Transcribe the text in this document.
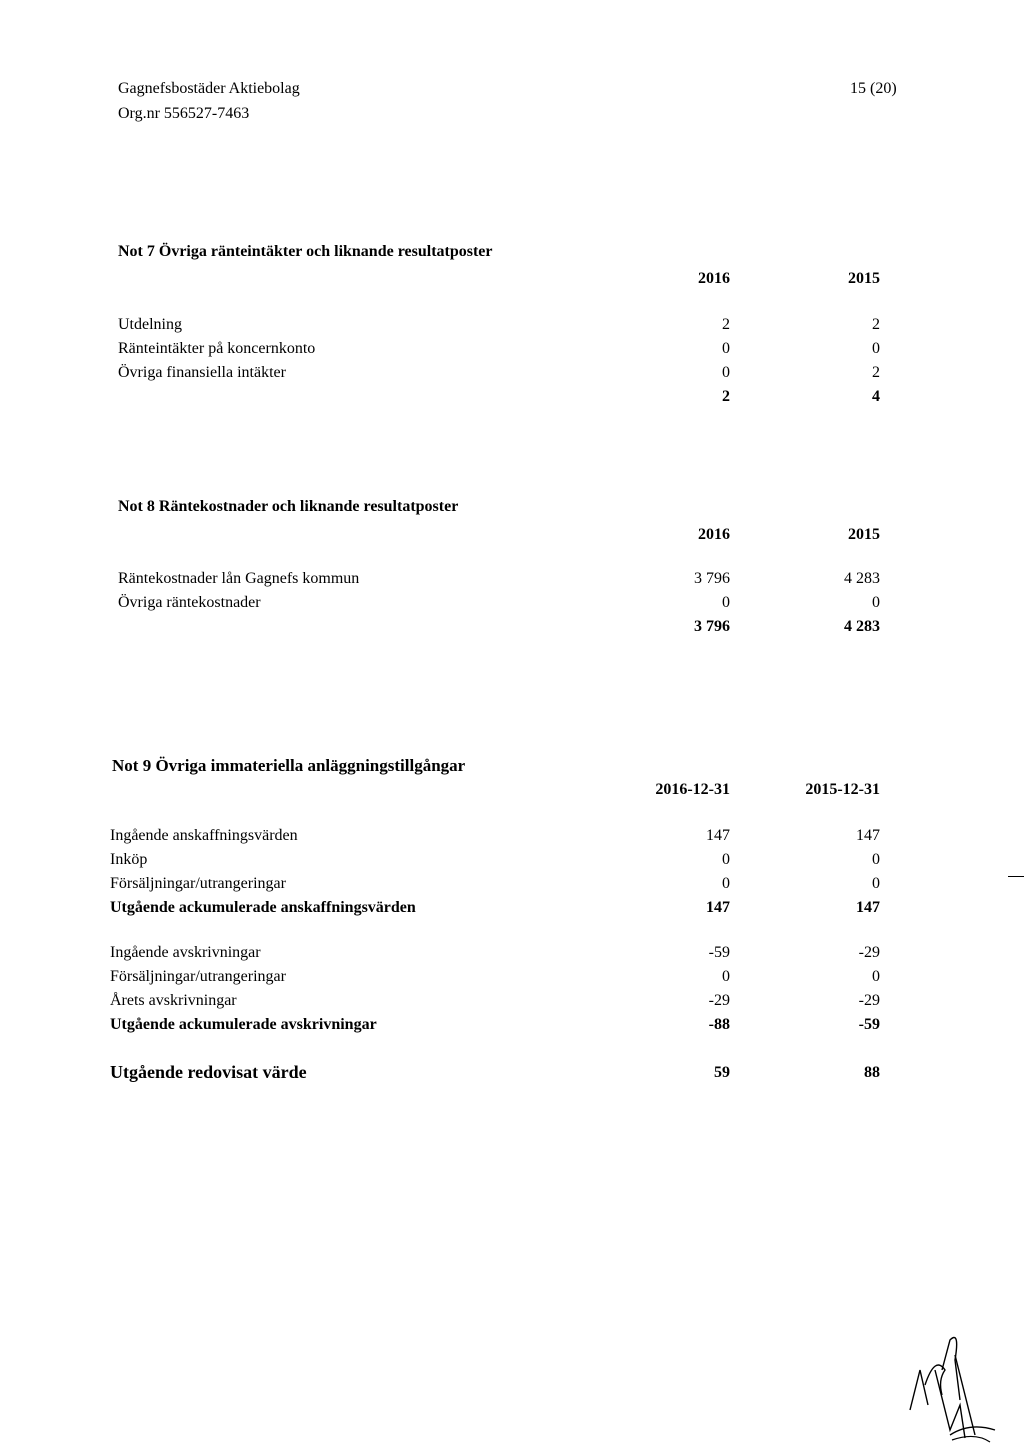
Gagnefsbostäder Aktiebolag
Org.nr 556527-7463
15 (20)
Not 7 Övriga ränteintäkter och liknande resultatposter
2016	2015
Utdelning	2	2
Ränteintäkter på koncernkonto	0	0
Övriga finansiella intäkter	0	2
2	4
Not 8 Räntekostnader och liknande resultatposter
2016	2015
Räntekostnader lån Gagnefs kommun	3 796	4 283
Övriga räntekostnader	0	0
3 796	4 283
Not 9 Övriga immateriella anläggningstillgångar
2016-12-31	2015-12-31
Ingående anskaffningsvärden	147	147
Inköp	0	0
Försäljningar/utrangeringar	0	0
Utgående ackumulerade anskaffningsvärden	147	147
Ingående avskrivningar	-59	-29
Försäljningar/utrangeringar	0	0
Årets avskrivningar	-29	-29
Utgående ackumulerade avskrivningar	-88	-59
Utgående redovisat värde	59	88
